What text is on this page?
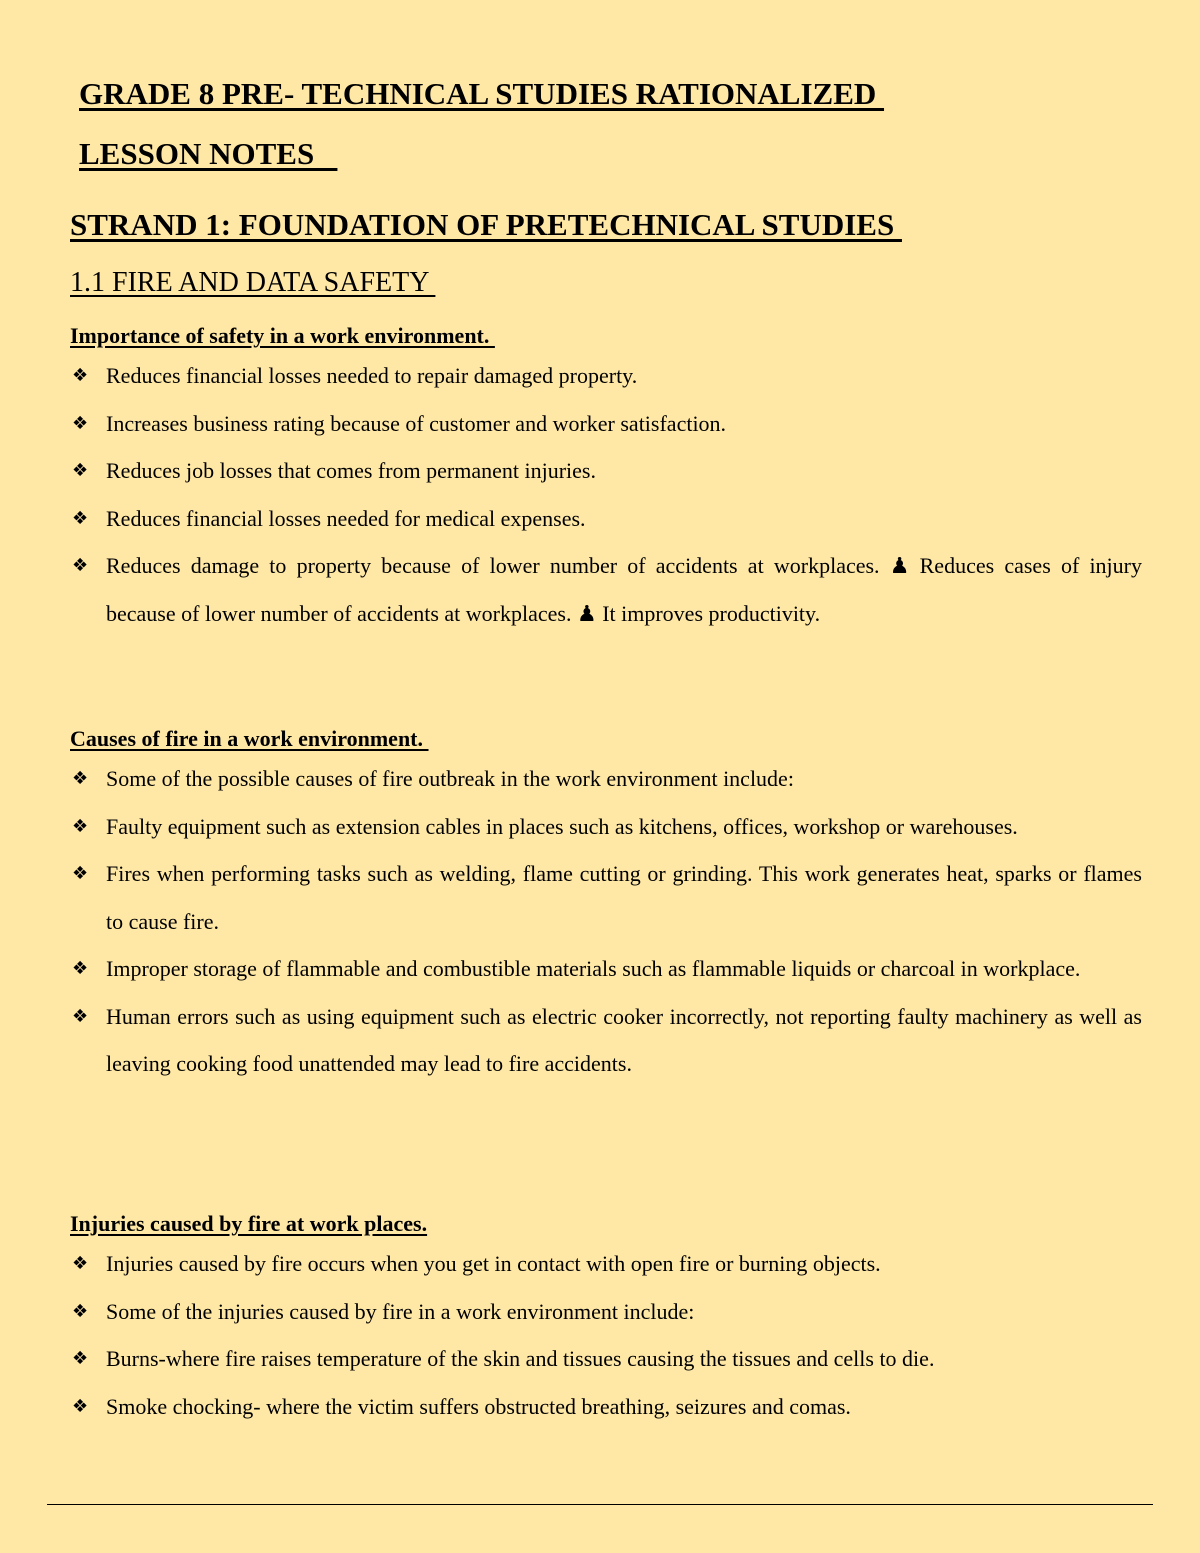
GRADE 8 PRE- TECHNICAL STUDIES RATIONALIZED
LESSON NOTES
STRAND 1: FOUNDATION OF PRETECHNICAL STUDIES
1.1 FIRE AND DATA SAFETY
Importance of safety in a work environment.
❖ Reduces financial losses needed to repair damaged property.
❖ Increases business rating because of customer and worker satisfaction.
❖ Reduces job losses that comes from permanent injuries.
❖ Reduces financial losses needed for medical expenses.
❖ Reduces damage to property because of lower number of accidents at workplaces. ♟ Reduces cases of injury because of lower number of accidents at workplaces. ♟ It improves productivity.
Causes of fire in a work environment.
❖ Some of the possible causes of fire outbreak in the work environment include:
❖ Faulty equipment such as extension cables in places such as kitchens, offices, workshop or warehouses.
❖ Fires when performing tasks such as welding, flame cutting or grinding. This work generates heat, sparks or flames to cause fire.
❖ Improper storage of flammable and combustible materials such as flammable liquids or charcoal in workplace.
❖ Human errors such as using equipment such as electric cooker incorrectly, not reporting faulty machinery as well as leaving cooking food unattended may lead to fire accidents.
Injuries caused by fire at work places.
❖ Injuries caused by fire occurs when you get in contact with open fire or burning objects.
❖ Some of the injuries caused by fire in a work environment include:
❖ Burns-where fire raises temperature of the skin and tissues causing the tissues and cells to die.
❖ Smoke chocking- where the victim suffers obstructed breathing, seizures and comas.
